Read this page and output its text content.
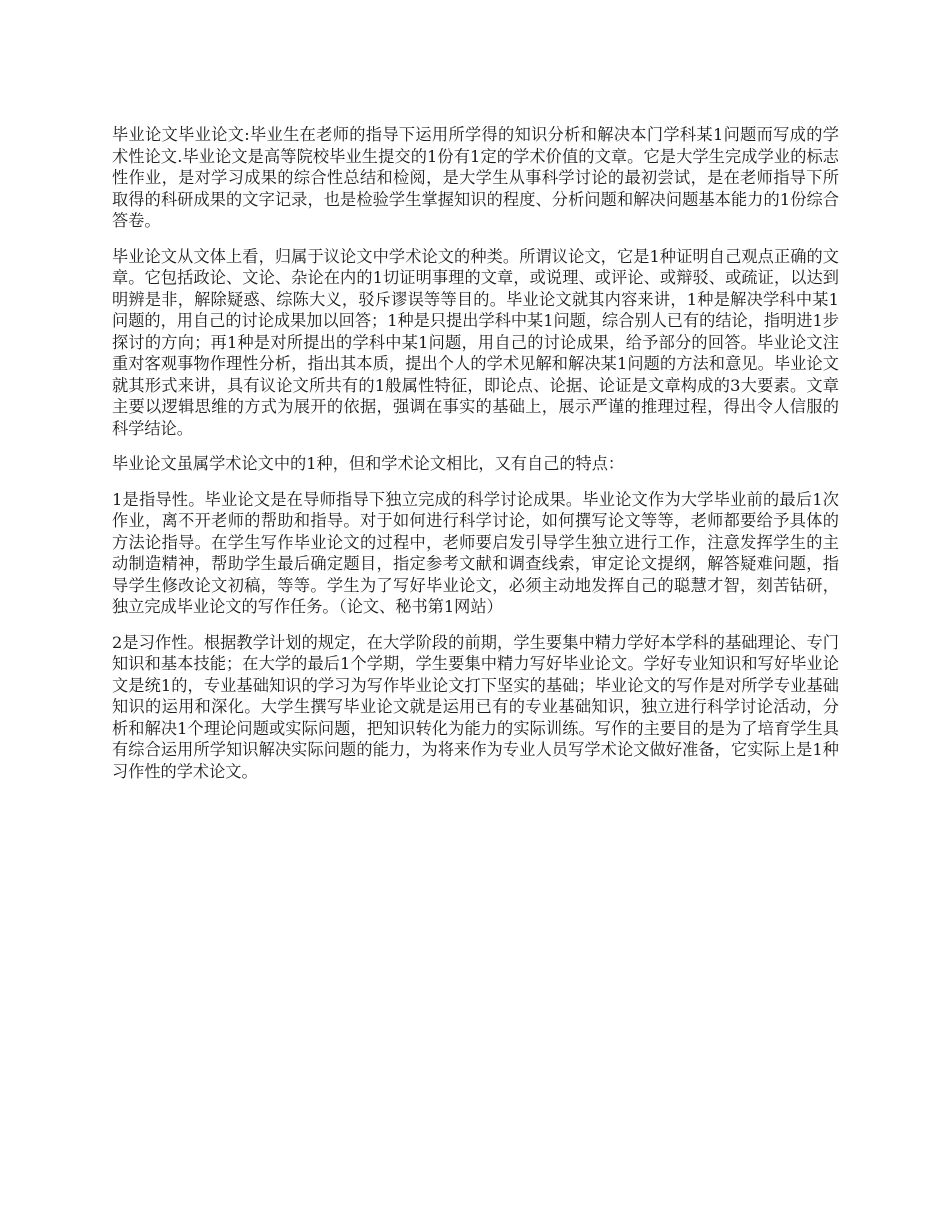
毕业论文毕业论文:毕业生在老师的指导下运用所学得的知识分析和解决本门学科某1问题而写成的学术性论文.毕业论文是高等院校毕业生提交的1份有1定的学术价值的文章。它是大学生完成学业的标志性作业，是对学习成果的综合性总结和检阅，是大学生从事科学讨论的最初尝试，是在老师指导下所取得的科研成果的文字记录，也是检验学生掌握知识的程度、分析问题和解决问题基本能力的1份综合答卷。

毕业论文从文体上看，归属于议论文中学术论文的种类。所谓议论文，它是1种证明自己观点正确的文章。它包括政论、文论、杂论在内的1切证明事理的文章，或说理、或评论、或辩驳、或疏证，以达到明辨是非，解除疑惑、综陈大义，驳斥谬误等等目的。毕业论文就其内容来讲，1种是解决学科中某1问题的，用自己的讨论成果加以回答；1种是只提出学科中某1问题，综合别人已有的结论，指明进1步探讨的方向；再1种是对所提出的学科中某1问题，用自己的讨论成果，给予部分的回答。毕业论文注重对客观事物作理性分析，指出其本质，提出个人的学术见解和解决某1问题的方法和意见。毕业论文就其形式来讲，具有议论文所共有的1般属性特征，即论点、论据、论证是文章构成的3大要素。文章主要以逻辑思维的方式为展开的依据，强调在事实的基础上，展示严谨的推理过程，得出令人信服的科学结论。

毕业论文虽属学术论文中的1种，但和学术论文相比，又有自己的特点：

1是指导性。毕业论文是在导师指导下独立完成的科学讨论成果。毕业论文作为大学毕业前的最后1次作业，离不开老师的帮助和指导。对于如何进行科学讨论，如何撰写论文等等，老师都要给予具体的方法论指导。在学生写作毕业论文的过程中，老师要启发引导学生独立进行工作，注意发挥学生的主动制造精神，帮助学生最后确定题目，指定参考文献和调查线索，审定论文提纲，解答疑难问题，指导学生修改论文初稿，等等。学生为了写好毕业论文，必须主动地发挥自己的聪慧才智，刻苦钻研，独立完成毕业论文的写作任务。（论文、秘书第1网站）

2是习作性。根据教学计划的规定，在大学阶段的前期，学生要集中精力学好本学科的基础理论、专门知识和基本技能；在大学的最后1个学期，学生要集中精力写好毕业论文。学好专业知识和写好毕业论文是统1的，专业基础知识的学习为写作毕业论文打下坚实的基础；毕业论文的写作是对所学专业基础知识的运用和深化。大学生撰写毕业论文就是运用已有的专业基础知识，独立进行科学讨论活动，分析和解决1个理论问题或实际问题，把知识转化为能力的实际训练。写作的主要目的是为了培育学生具有综合运用所学知识解决实际问题的能力，为将来作为专业人员写学术论文做好准备，它实际上是1种习作性的学术论文。
